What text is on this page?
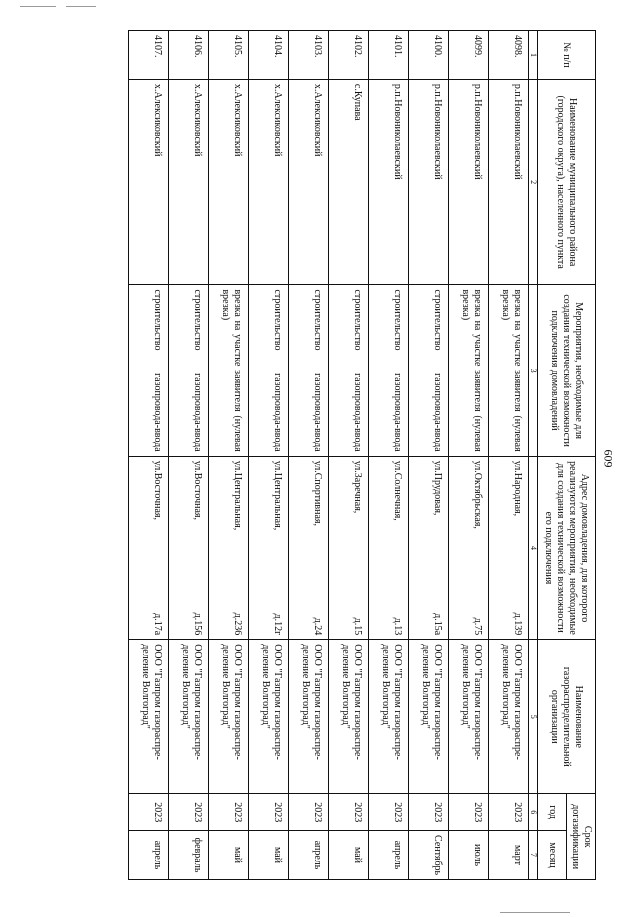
609
№ п/п	Наименование муниципального района (городского округа), населенного пункта	Мероприятия, необходимые для создания технической возможности подключения домовладений	Адрес домовладения, для которого реализуются мероприятия, необходимые для создания технической возможности его подключения	Наименование газораспределительной организации	Срок догазификации	
					год	месяц
1	2	3	4	5	6	7
4098.	р.п.Новониколаевский	врезка на участке заявителя (нулевая врезка)	ул.Народная, д.139	ООО "Газпром газораспре-деление Волгоград"	2023	март
4099.	р.п.Новониколаевский	врезка на участке заявителя (нулевая врезка)	ул.Октябрьская, д.75	ООО "Газпром газораспре-деление Волгоград"	2023	июль
4100.	р.п.Новониколаевский	строительство газопровода-ввода	ул.Прудовая, д.15а	ООО "Газпром газораспре-деление Волгоград"	2023	Сентябрь
4101.	р.п.Новониколаевский	строительство газопровода-ввода	ул.Солнечная, д.13	ООО "Газпром газораспре-деление Волгоград"	2023	апрель
4102.	с.Купава	строительство газопровода-ввода	ул.Заречная, д.15	ООО "Газпром газораспре-деление Волгоград"	2023	май
4103.	х.Алексиковский	строительство газопровода-ввода	ул.Спортивная, д.24	ООО "Газпром газораспре-деление Волгоград"	2023	апрель
4104.	х.Алексиковский	строительство газопровода-ввода	ул.Центральная, д.12г	ООО "Газпром газораспре-деление Волгоград"	2023	май
4105.	х.Алексиковский	врезка на участке заявителя (нулевая врезка)	ул.Центральная, д.236	ООО "Газпром газораспре-деление Волгоград"	2023	май
4106.	х.Алексиковский	строительство газопровода-ввода	ул.Восточная, д.156	ООО "Газпром газораспре-деление Волгоград"	2023	февраль
4107.	х.Алексиковский	строительство газопровода-ввода	ул.Восточная, д.17а	ООО "Газпром газораспре-деление Волгоград"	2023	апрель
